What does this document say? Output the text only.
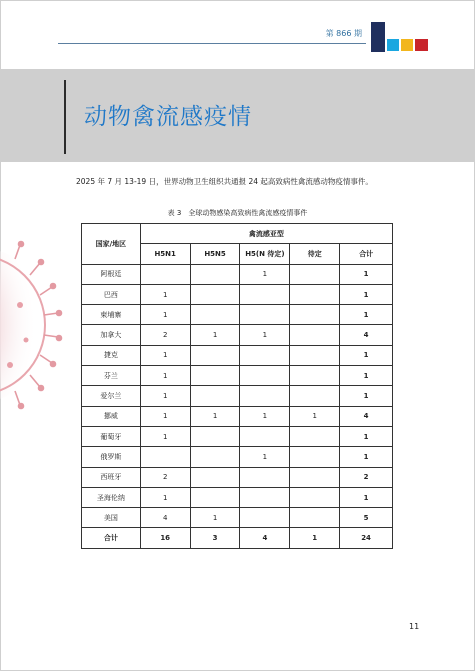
第 866 期
动物禽流感疫情
2025 年 7 月 13-19 日，世界动物卫生组织共通报 24 起高致病性禽流感动物疫情事件。
表 3　全球动物感染高致病性禽流感疫情事件
国家/地区	禽流感亚型				
	H5N1	H5N5	H5(N 待定)	待定	合计
阿根廷			1		1
巴西	1				1
柬埔寨	1				1
加拿大	2	1	1		4
捷克	1				1
芬兰	1				1
爱尔兰	1				1
挪威	1	1	1	1	4
葡萄牙	1				1
俄罗斯			1		1
西班牙	2				2
圣海伦纳	1				1
美国	4	1			5
合计	16	3	4	1	24
11
